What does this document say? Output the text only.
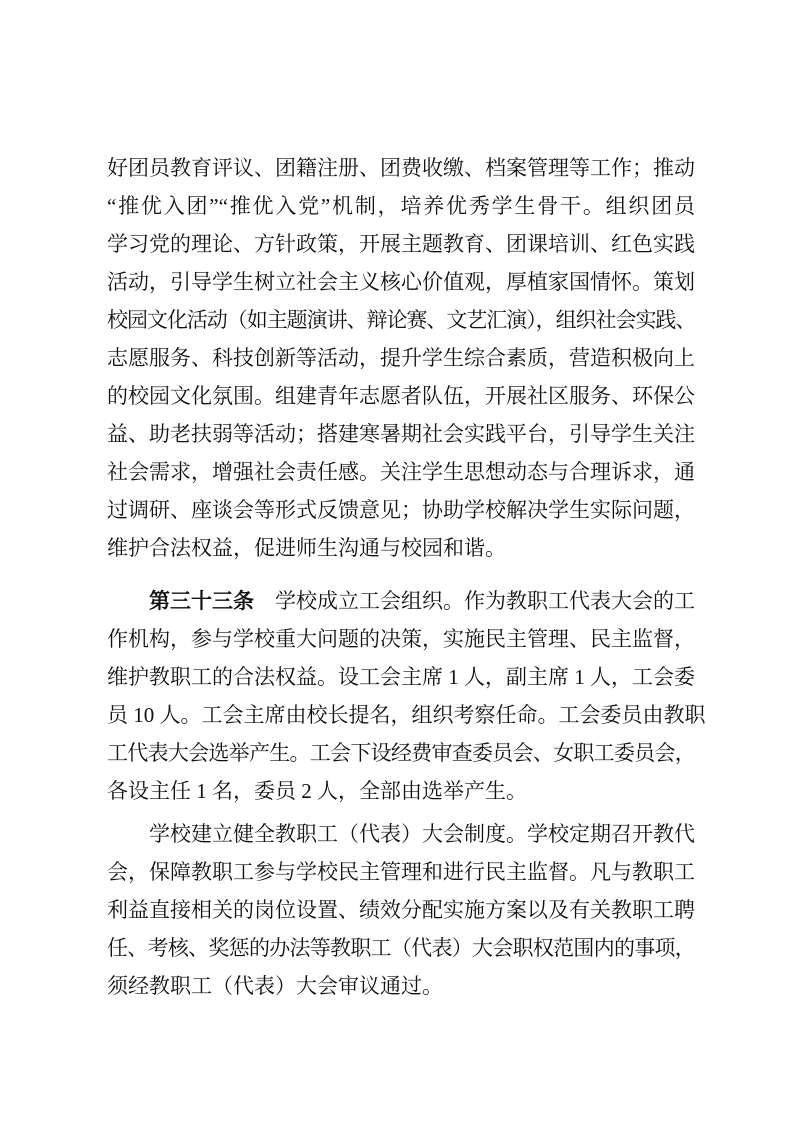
好团员教育评议、团籍注册、团费收缴、档案管理等工作；推动
“推优入团”“推优入党”机制，培养优秀学生骨干。组织团员
学习党的理论、方针政策，开展主题教育、团课培训、红色实践
活动，引导学生树立社会主义核心价值观，厚植家国情怀。策划
校园文化活动（如主题演讲、辩论赛、文艺汇演），组织社会实践、
志愿服务、科技创新等活动，提升学生综合素质，营造积极向上
的校园文化氛围。组建青年志愿者队伍，开展社区服务、环保公
益、助老扶弱等活动；搭建寒暑期社会实践平台，引导学生关注
社会需求，增强社会责任感。关注学生思想动态与合理诉求，通
过调研、座谈会等形式反馈意见；协助学校解决学生实际问题，
维护合法权益，促进师生沟通与校园和谐。
第三十三条 学校成立工会组织。作为教职工代表大会的工
作机构，参与学校重大问题的决策，实施民主管理、民主监督，
维护教职工的合法权益。设工会主席 1 人，副主席 1 人，工会委
员 10 人。工会主席由校长提名，组织考察任命。工会委员由教职
工代表大会选举产生。工会下设经费审查委员会、女职工委员会，
各设主任 1 名，委员 2 人，全部由选举产生。
学校建立健全教职工（代表）大会制度。学校定期召开教代
会，保障教职工参与学校民主管理和进行民主监督。凡与教职工
利益直接相关的岗位设置、绩效分配实施方案以及有关教职工聘
任、考核、奖惩的办法等教职工（代表）大会职权范围内的事项，
须经教职工（代表）大会审议通过。
